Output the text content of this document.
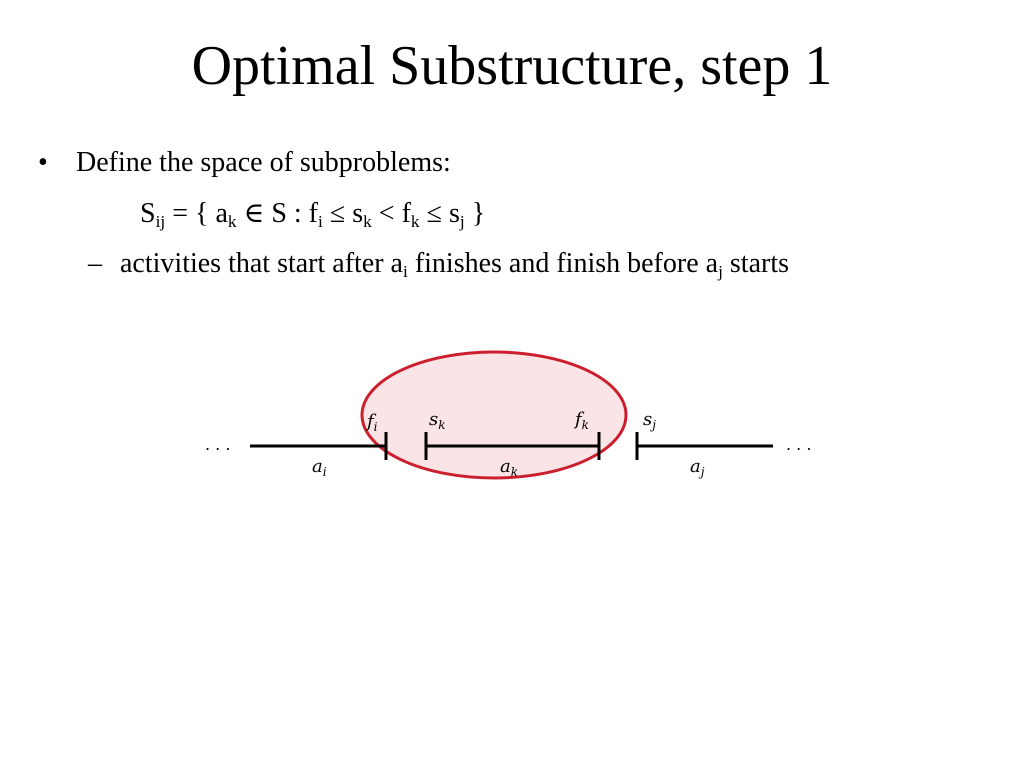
Optimal Substructure, step 1
• Define the space of subproblems:
$S_{ij}$ = { $a_k$ ∈ S : $f_i \le s_k < f_k \le s_j$ }
– activities that start after $a_i$ finishes and finish before $a_j$ starts
. . .	. . .
$f_i$	$s_k$	$f_k$	$s_j$
$a_i$	$a_k$	$a_j$
